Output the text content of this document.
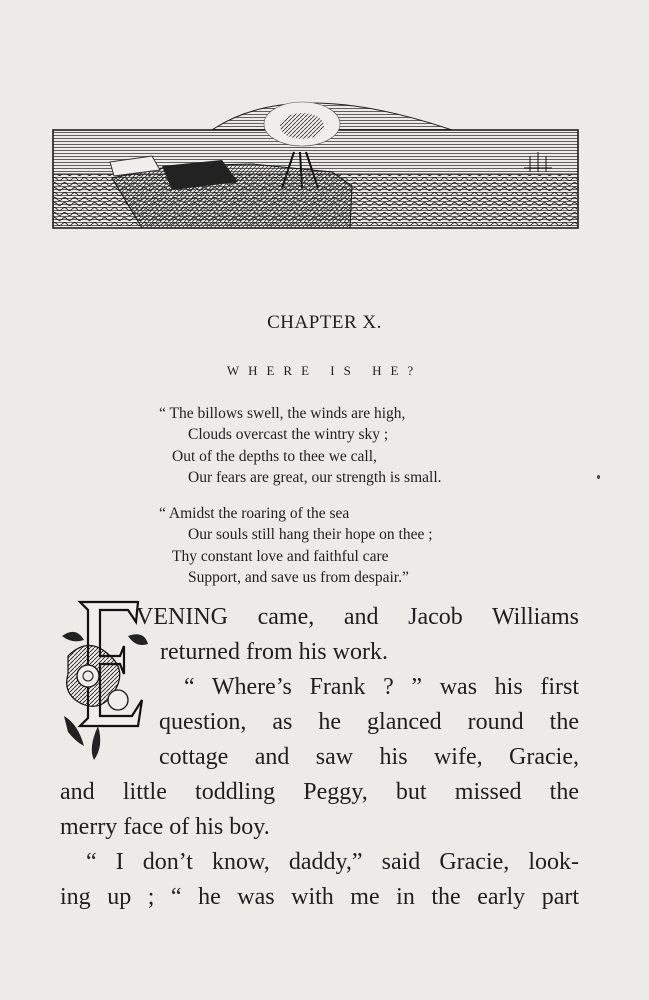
CHAPTER X.
WHERE IS HE?
“ The billows swell, the winds are high,
Clouds overcast the wintry sky ;
Out of the depths to thee we call,
Our fears are great, our strength is small.
“ Amidst the roaring of the sea
Our souls still hang their hope on thee ;
Thy constant love and faithful care
Support, and save us from despair.”
VENING came, and Jacob Williams
returned from his work.
“ Where’s Frank ? ” was his first
question, as he glanced round the
cottage and saw his wife, Gracie,
and little toddling Peggy, but missed the
merry face of his boy.
“ I don’t know, daddy,” said Gracie, look-
ing up ; “ he was with me in the early part
